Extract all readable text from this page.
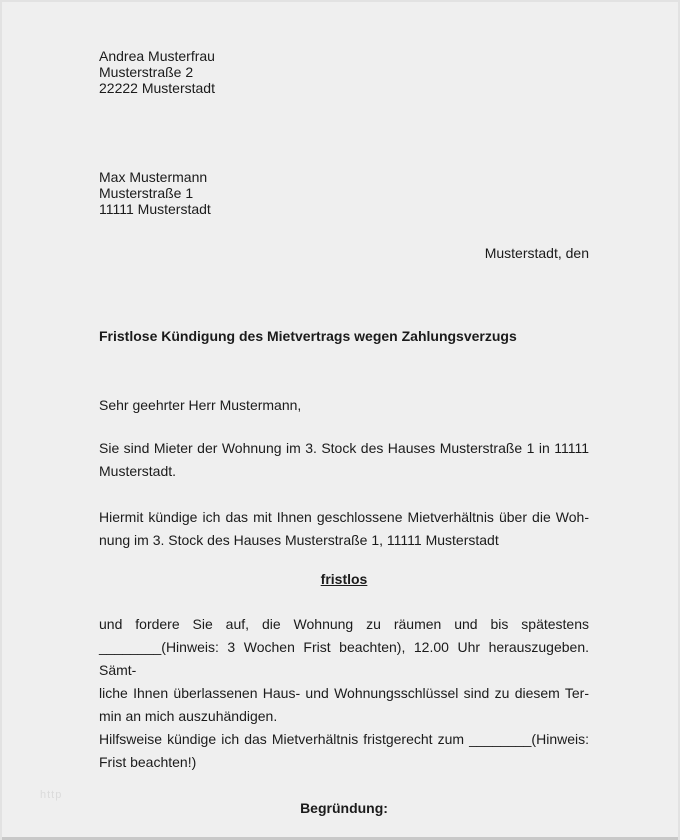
Andrea Musterfrau
Musterstraße 2
22222 Musterstadt
Max Mustermann
Musterstraße 1
11111 Musterstadt
Musterstadt, den
Fristlose Kündigung des Mietvertrags wegen Zahlungsverzugs
Sehr geehrter Herr Mustermann,
Sie sind Mieter der Wohnung im 3. Stock des Hauses Musterstraße 1 in 11111
Musterstadt.
Hiermit kündige ich das mit Ihnen geschlossene Mietverhältnis über die Woh-
nung im 3. Stock des Hauses Musterstraße 1, 11111 Musterstadt
fristlos
und fordere Sie auf, die Wohnung zu räumen und bis spätestens
________(Hinweis: 3 Wochen Frist beachten), 12.00 Uhr herauszugeben. Sämt-
liche Ihnen überlassenen Haus- und Wohnungsschlüssel sind zu diesem Ter-
min an mich auszuhändigen.
Hilfsweise kündige ich das Mietverhältnis fristgerecht zum ________(Hinweis:
Frist beachten!)
Begründung:
http
